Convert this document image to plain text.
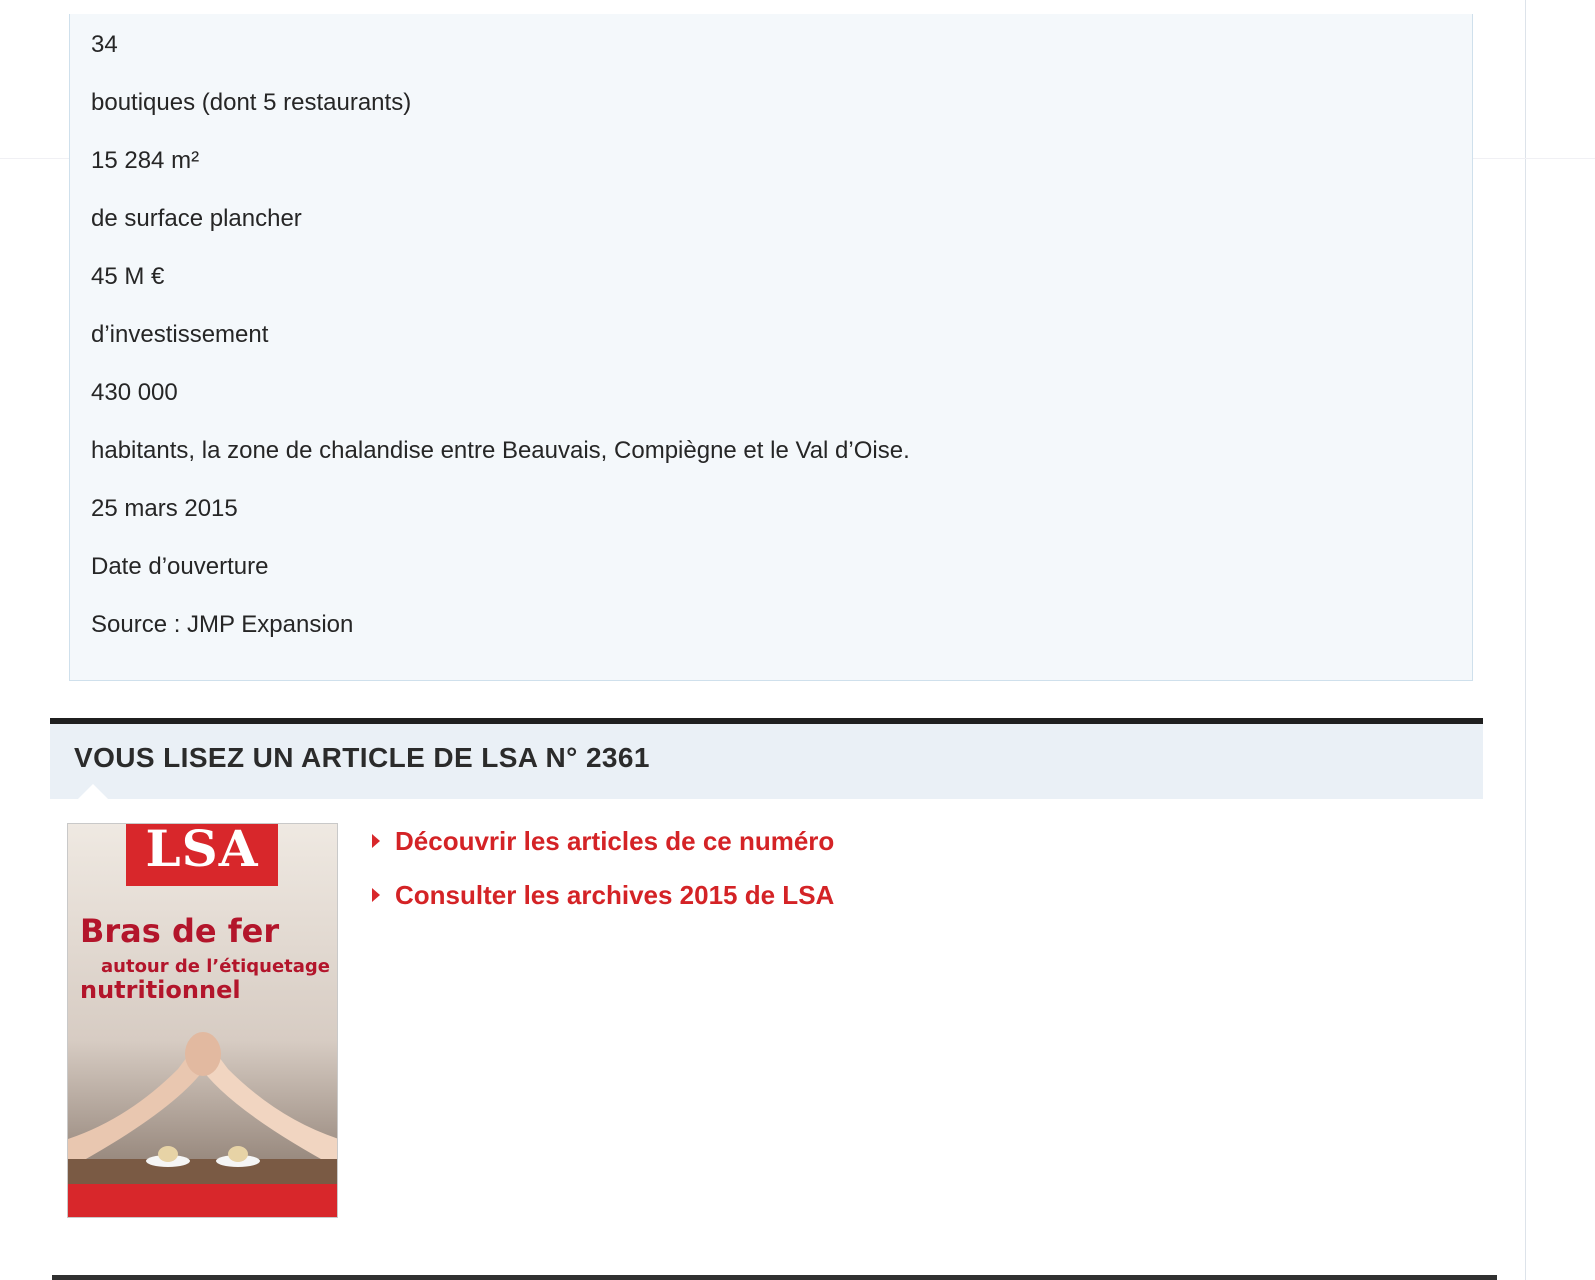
34
boutiques (dont 5 restaurants)
15 284 m²
de surface plancher
45 M €
d’investissement
430 000
habitants, la zone de chalandise entre Beauvais, Compiègne et le Val d’Oise.
25 mars 2015
Date d’ouverture
Source : JMP Expansion
VOUS LISEZ UN ARTICLE DE LSA N° 2361
LSA
Bras de fer
autour de l’étiquetage
nutritionnel
Découvrir les articles de ce numéro
Consulter les archives 2015 de LSA
